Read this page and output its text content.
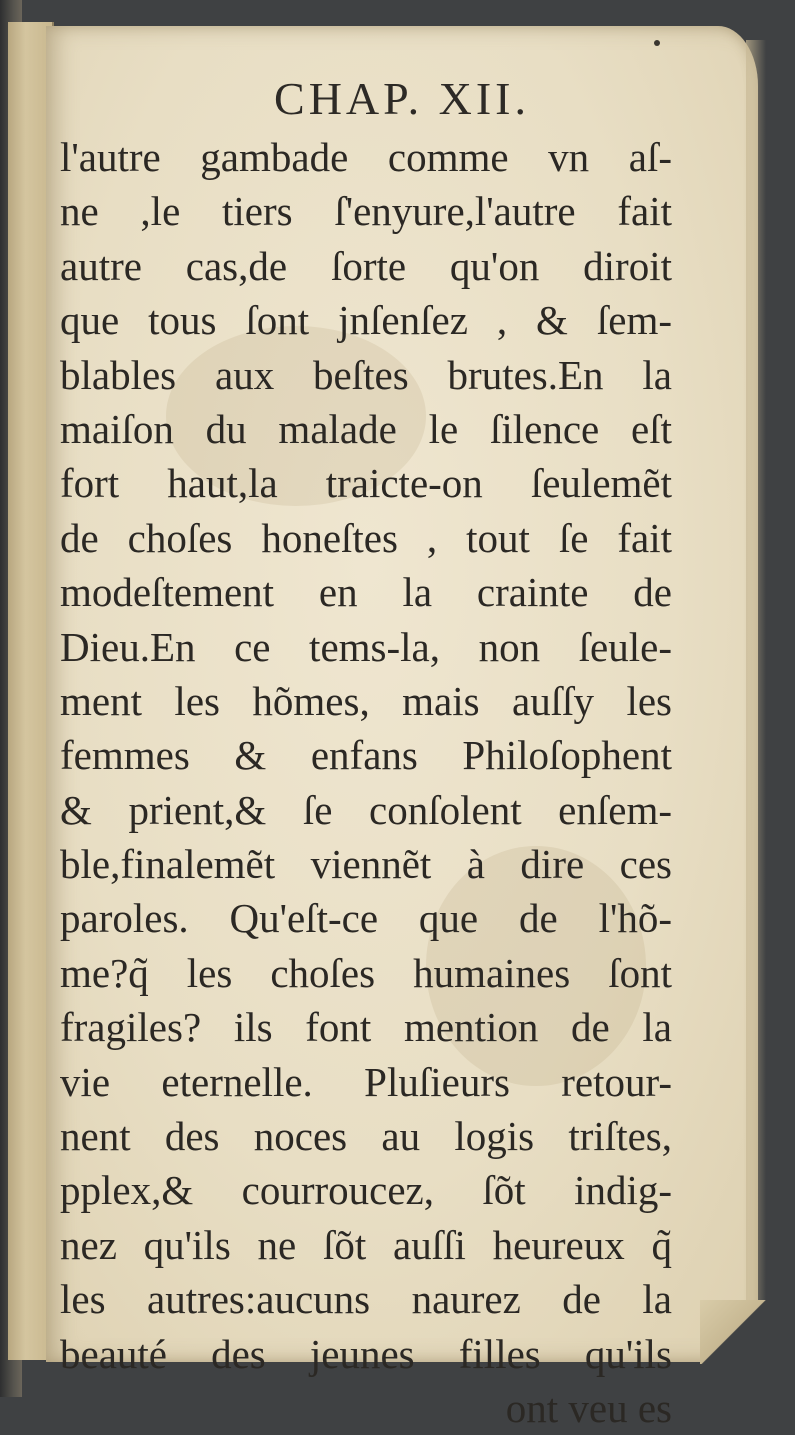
CHAP. XII.
l'autre gambade comme vn aſ-
ne ,le tiers ſ'enyure,l'autre fait
autre cas,de ſorte qu'on diroit
que tous ſont jnſenſez , & ſem-
blables aux beſtes brutes.En la
maiſon du malade le ſilence eſt
fort haut,la traicte-on ſeulemẽt
de choſes honeſtes , tout ſe fait
modeſtement en la crainte de
Dieu.En ce tems-la, non ſeule-
ment les hõmes, mais auſſy les
femmes & enfans Philoſophent
& prient,& ſe conſolent enſem-
ble,finalemẽt viennẽt à dire ces
paroles. Qu'eſt-ce que de l'hõ-
me?q̃ les choſes humaines ſont
fragiles? ils font mention de la
vie eternelle. Pluſieurs retour-
nent des noces au logis triſtes,
pplex,& courroucez, ſõt indig-
nez qu'ils ne ſõt auſſi heureux q̃
les autres:aucuns naurez de la
beauté des jeunes filles qu'ils
ont veu es
